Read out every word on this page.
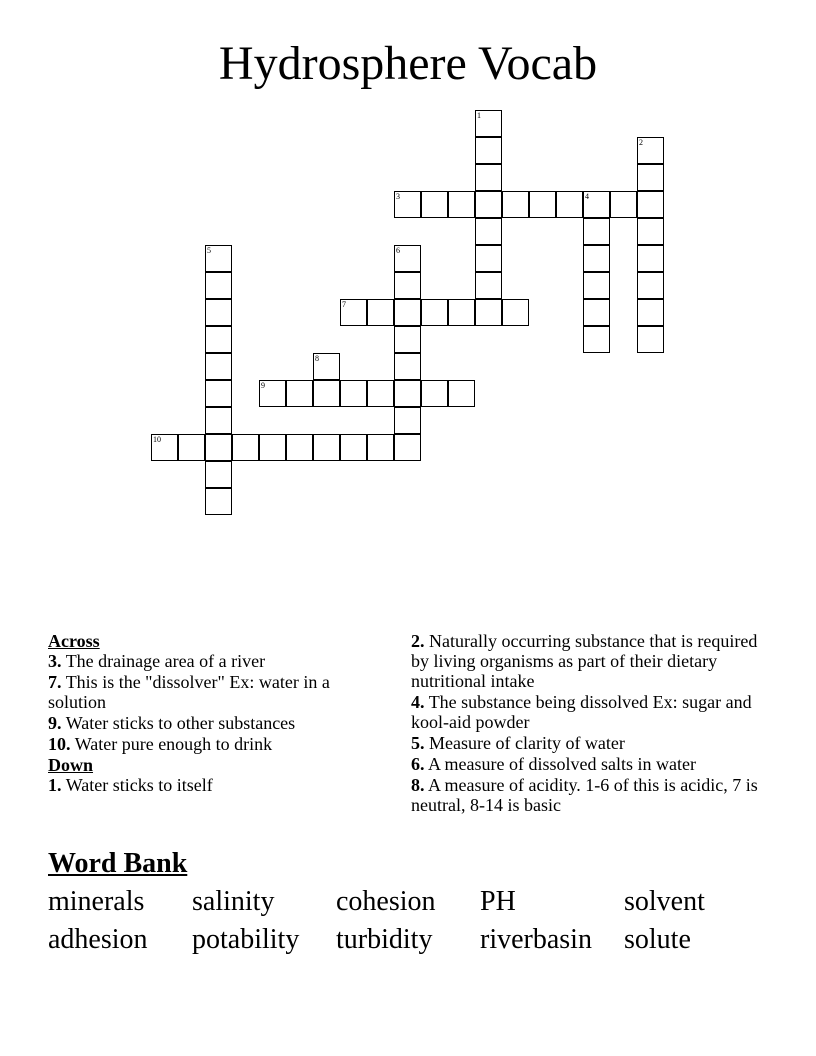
Hydrosphere Vocab
1
2
3	4
5	6
7
8
9
10
Across
3. The drainage area of a river
7. This is the "dissolver" Ex: water in a solution
9. Water sticks to other substances
10. Water pure enough to drink
Down
1. Water sticks to itself
2. Naturally occurring substance that is required by living organisms as part of their dietary nutritional intake
4. The substance being dissolved Ex: sugar and kool-aid powder
5. Measure of clarity of water
6. A measure of dissolved salts in water
8. A measure of acidity. 1-6 of this is acidic, 7 is neutral, 8-14 is basic
Word Bank
minerals	salinity	cohesion	PH	solvent
adhesion	potability	turbidity	riverbasin	solute
